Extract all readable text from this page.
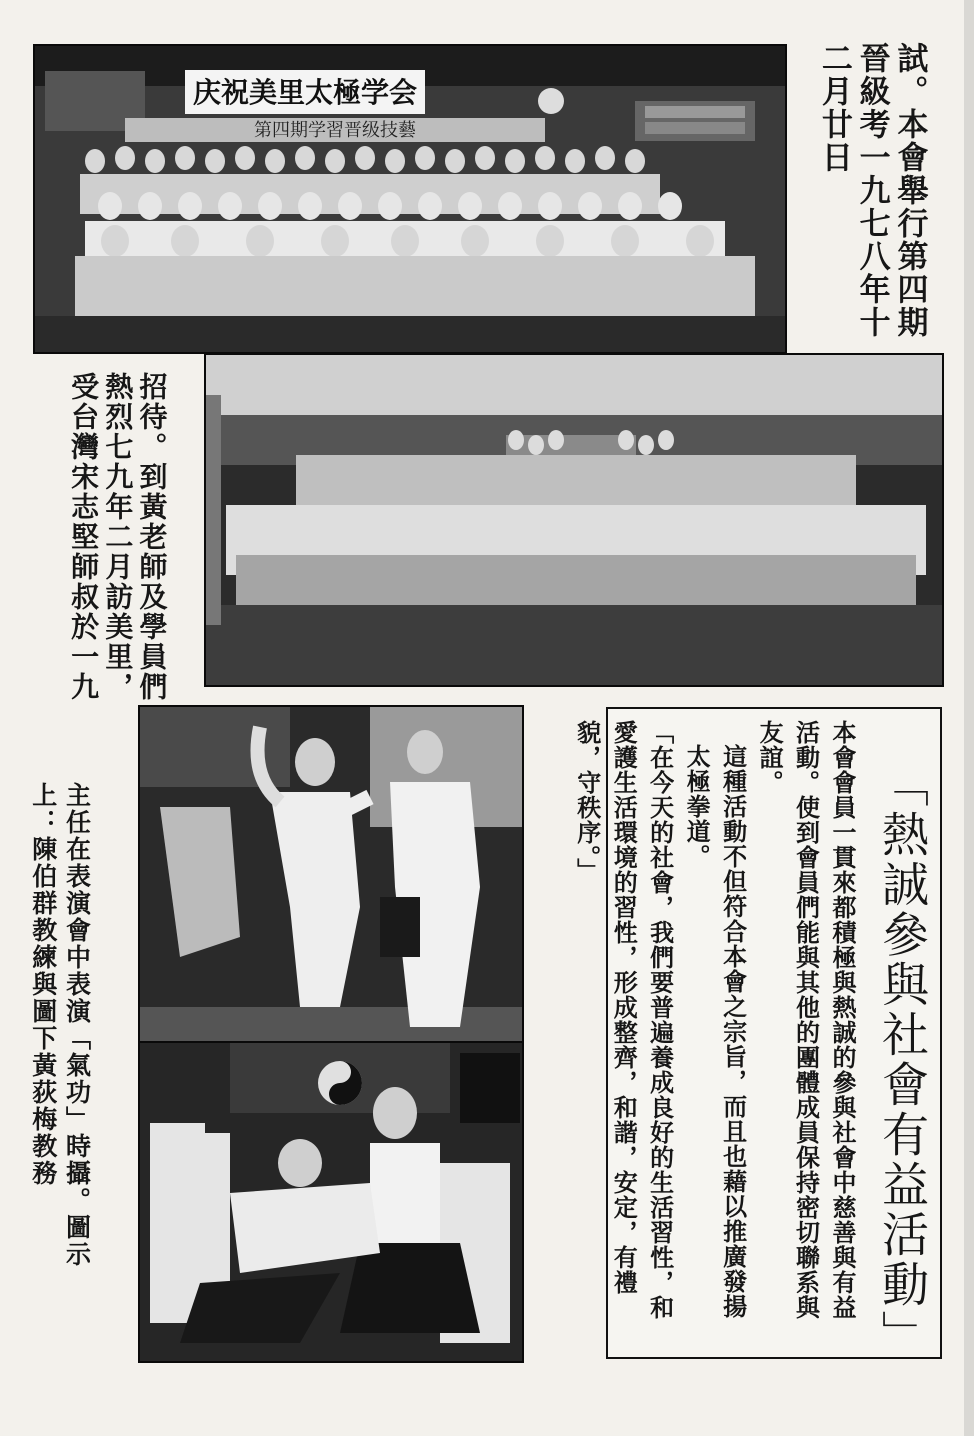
庆祝美里太極学会
第四期学習晋级技藝	試。本會舉行第四期晉級考一九七八年十二月廿日
招待。到黃老師及學員們熱烈七九年二月訪美里，受台灣宋志堅師叔於一九
主任在表演會中表演「氣功」時攝。圖示上：陳伯群教練與圖下黃荻梅教務	「熱誠參與社會有益活動」

本會會員一貫來都積極與熱誠的參與社會中慈善與有益活動。使到會員們能與其他的團體成員保持密切聯系與友誼。

這種活動不但符合本會之宗旨，而且也藉以推廣發揚太極拳道。

「在今天的社會，我們要普遍養成良好的生活習性，和愛護生活環境的習性，形成整齊，和諧，安定，有禮貌，守秩序。」
